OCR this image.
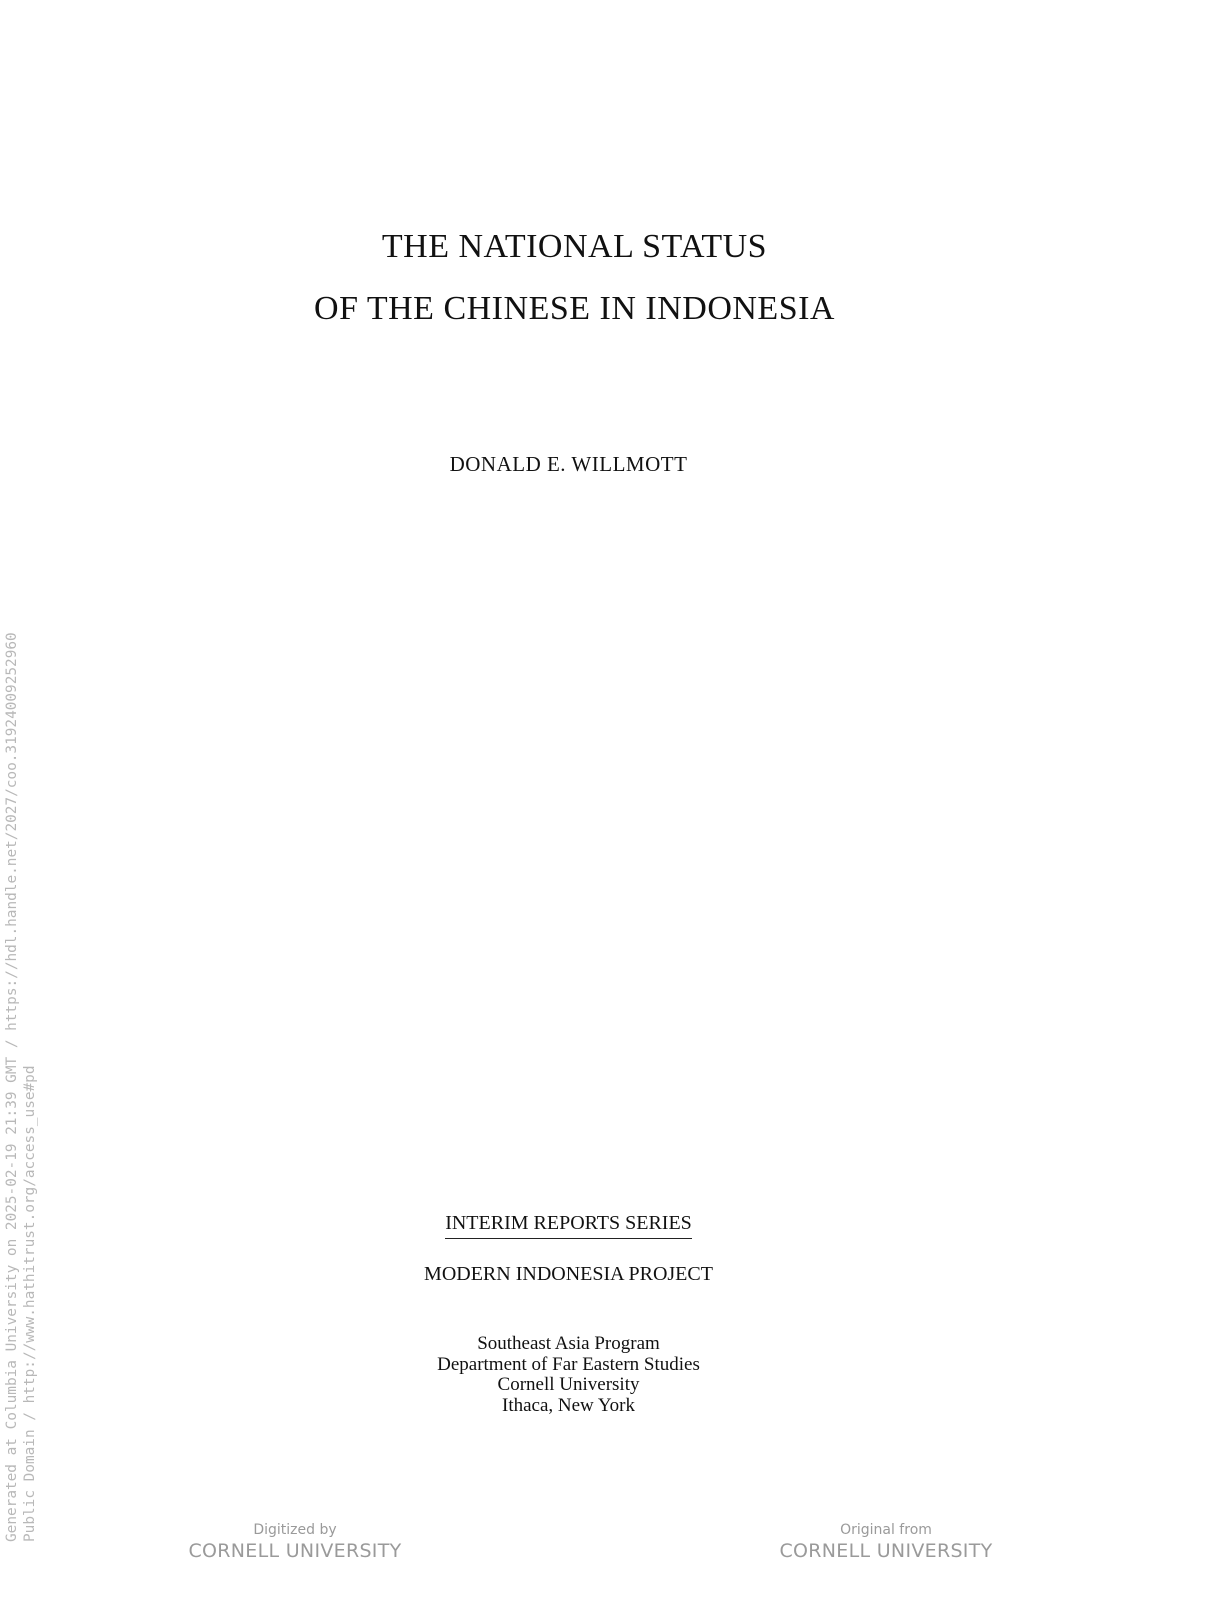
THE NATIONAL STATUS
OF THE CHINESE IN INDONESIA
DONALD E. WILLMOTT
INTERIM REPORTS SERIES
MODERN INDONESIA PROJECT
Southeast Asia Program
Department of Far Eastern Studies
Cornell University
Ithaca, New York
Generated at Columbia University on 2025-02-19 21:39 GMT / https://hdl.handle.net/2027/coo.31924009252960 Public Domain / http://www.hathitrust.org/access_use#pd	Digitized by
CORNELL UNIVERSITY
Original from
CORNELL UNIVERSITY
